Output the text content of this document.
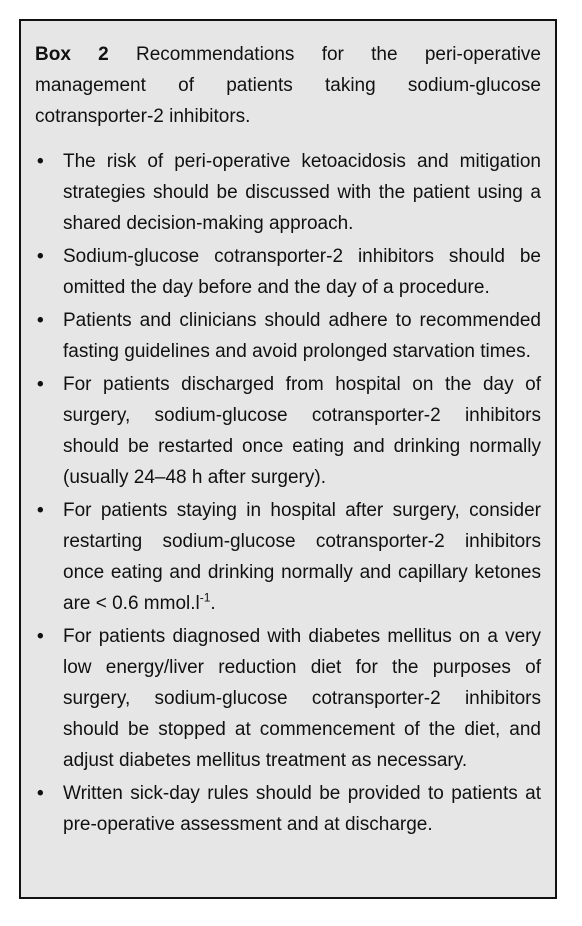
Box 2 Recommendations for the peri-operative management of patients taking sodium-glucose cotransporter-2 inhibitors.

• The risk of peri-operative ketoacidosis and mitigation strategies should be discussed with the patient using a shared decision-making approach.
• Sodium-glucose cotransporter-2 inhibitors should be omitted the day before and the day of a procedure.
• Patients and clinicians should adhere to recommended fasting guidelines and avoid prolonged starvation times.
• For patients discharged from hospital on the day of surgery, sodium-glucose cotransporter-2 inhibitors should be restarted once eating and drinking normally (usually 24–48 h after surgery).
• For patients staying in hospital after surgery, consider restarting sodium-glucose cotransporter-2 inhibitors once eating and drinking normally and capillary ketones are < 0.6 $mmol.l^{-1}$.
• For patients diagnosed with diabetes mellitus on a very low energy/liver reduction diet for the purposes of surgery, sodium-glucose cotransporter-2 inhibitors should be stopped at commencement of the diet, and adjust diabetes mellitus treatment as necessary.
• Written sick-day rules should be provided to patients at pre-operative assessment and at discharge.
